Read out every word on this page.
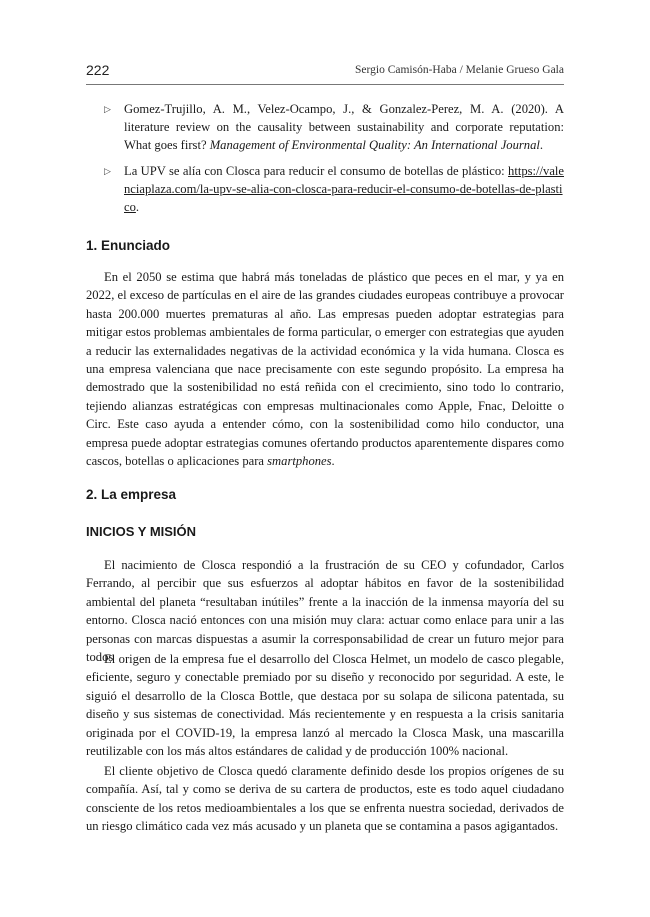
222	Sergio Camisón-Haba / Melanie Grueso Gala
▷ Gomez-Trujillo, A. M., Velez-Ocampo, J., & Gonzalez-Perez, M. A. (2020). A literature review on the causality between sustainability and corporate reputation: What goes first? Management of Environmental Quality: An International Journal.
▷ La UPV se alía con Closca para reducir el consumo de botellas de plástico: https://valenciaplaza.com/la-upv-se-alia-con-closca-para-reducir-el-consumo-de-botellas-de-plastico.
1. Enunciado

En el 2050 se estima que habrá más toneladas de plástico que peces en el mar, y ya en 2022, el exceso de partículas en el aire de las grandes ciudades europeas contribuye a provocar hasta 200.000 muertes prematuras al año. Las empresas pueden adoptar estrategias para mitigar estos problemas ambientales de forma particular, o emerger con estrategias que ayuden a reducir las externalidades negativas de la actividad económica y la vida humana. Closca es una empresa valenciana que nace precisamente con este segundo propósito. La empresa ha demostrado que la sostenibilidad no está reñida con el crecimiento, sino todo lo contrario, tejiendo alianzas estratégicas con empresas multinacionales como Apple, Fnac, Deloitte o Circ. Este caso ayuda a entender cómo, con la sostenibilidad como hilo conductor, una empresa puede adoptar estrategias comunes ofertando productos aparentemente dispares como cascos, botellas o aplicaciones para smartphones.

2. La empresa
INICIOS Y MISIÓN

El nacimiento de Closca respondió a la frustración de su CEO y cofundador, Carlos Ferrando, al percibir que sus esfuerzos al adoptar hábitos en favor de la sostenibilidad ambiental del planeta “resultaban inútiles” frente a la inacción de la inmensa mayoría del su entorno. Closca nació entonces con una misión muy clara: actuar como enlace para unir a las personas con marcas dispuestas a asumir la corresponsabilidad de crear un futuro mejor para todos

El origen de la empresa fue el desarrollo del Closca Helmet, un modelo de casco plegable, eficiente, seguro y conectable premiado por su diseño y reconocido por seguridad. A este, le siguió el desarrollo de la Closca Bottle, que destaca por su solapa de silicona patentada, su diseño y sus sistemas de conectividad. Más recientemente y en respuesta a la crisis sanitaria originada por el COVID-19, la empresa lanzó al mercado la Closca Mask, una mascarilla reutilizable con los más altos estándares de calidad y de producción 100% nacional.

El cliente objetivo de Closca quedó claramente definido desde los propios orígenes de su compañía. Así, tal y como se deriva de su cartera de productos, este es todo aquel ciudadano consciente de los retos medioambientales a los que se enfrenta nuestra sociedad, derivados de un riesgo climático cada vez más acusado y un planeta que se contamina a pasos agigantados.
